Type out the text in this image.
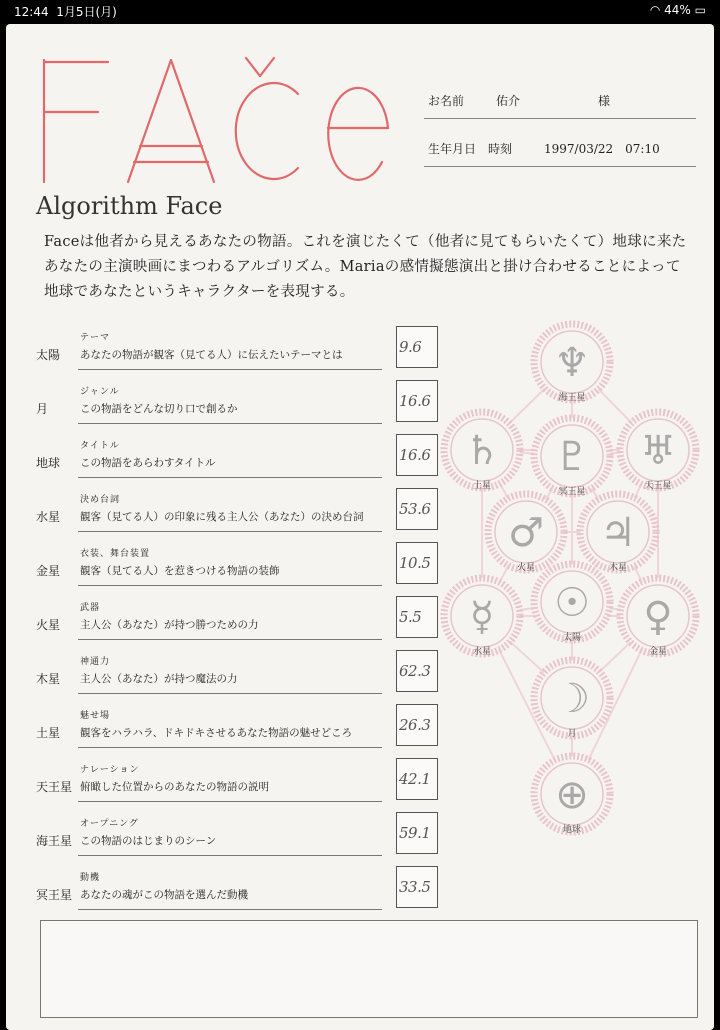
12:44 1月5日(月)	◠ 44% ▭
お名前	佑介	様
生年月日　時刻	1997/03/22　07:10
Algorithm Face
Faceは他者から見えるあなたの物語。これを演じたくて（他者に見てもらいたくて）地球に来たあなたの主演映画にまつわるアルゴリズム。Mariaの感情擬態演出と掛け合わせることによって地球であなたというキャラクターを表現する。
太陽
テーマ
あなたの物語が観客（見てる人）に伝えたいテーマとは	9.6
月
ジャンル
この物語をどんな切り口で創るか	16.6
地球
タイトル
この物語をあらわすタイトル	16.6
水星
決め台詞
観客（見てる人）の印象に残る主人公（あなた）の決め台詞 53.6
金星
衣装、舞台装置
観客（見てる人）を惹きつける物語の装飾	10.5
火星
武器
主人公（あなた）が持つ勝つための力	5.5
木星
神通力
主人公（あなた）が持つ魔法の力	62.3
土星
魅せ場
観客をハラハラ、ドキドキさせるあなた物語の魅せどころ	26.3
天王星
ナレーション
俯瞰した位置からのあなたの物語の説明	42.1
海王星
オープニング
この物語のはじまりのシーン	59.1
冥王星
動機
あなたの魂がこの物語を選んだ動機	33.5
♆
海王星
♄
土星
♇
冥王星
♅
天王星
♂
火星
♃
木星
☿
水星
☉
太陽 ♀
金星
☽
月
⊕
地球
